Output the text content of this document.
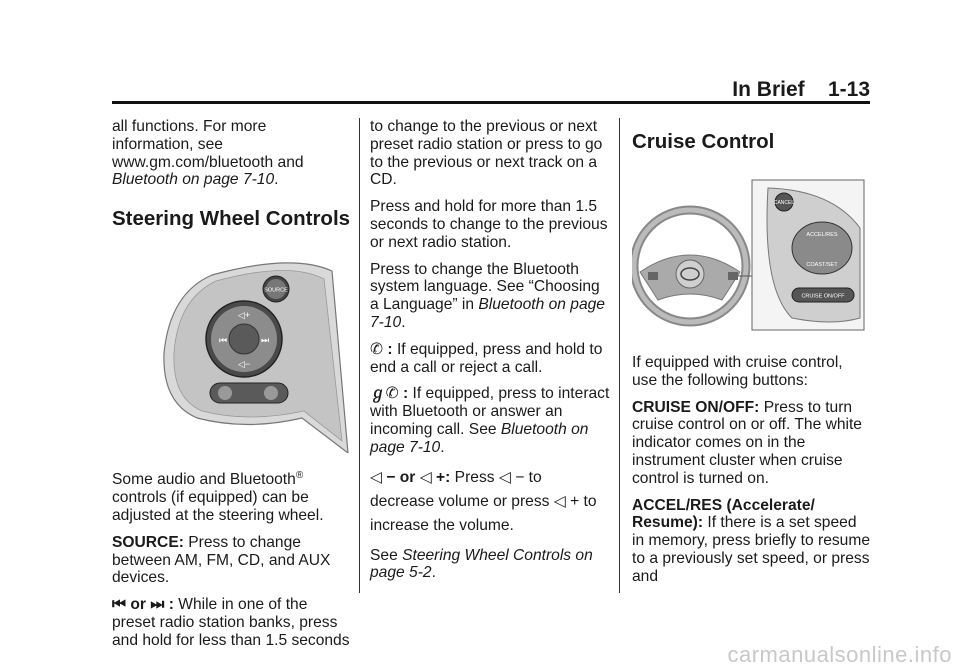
In Brief 1-13

all functions. For more information, see www.gm.com/bluetooth and Bluetooth on page 7-10.

Steering Wheel Controls
SOURCE
◁+
◁−
⏮	⏭

Some audio and Bluetooth® controls (if equipped) can be adjusted at the steering wheel.

SOURCE: Press to change between AM, FM, CD, and AUX devices.

⏮ or ⏭ : While in one of the preset radio station banks, press and hold for less than 1.5 seconds

to change to the previous or next preset radio station or press to go to the previous or next track on a CD.

Press and hold for more than 1.5 seconds to change to the previous or next radio station.

Press to change the Bluetooth system language. See “Choosing a Language” in Bluetooth on page 7-10.

✆ : If equipped, press and hold to end a call or reject a call.

ℊ✆ : If equipped, press to interact with Bluetooth or answer an incoming call. See Bluetooth on page 7-10.

◁ − or ◁ +: Press ◁ − to decrease volume or press ◁ + to increase the volume.

See Steering Wheel Controls on page 5-2.

Cruise Control
CANCEL
ACCEL/RES
COAST/SET
CRUISE ON/OFF

If equipped with cruise control, use the following buttons:

CRUISE ON/OFF: Press to turn cruise control on or off. The white indicator comes on in the instrument cluster when cruise control is turned on.

ACCEL/RES (Accelerate/ Resume): If there is a set speed in memory, press briefly to resume to a previously set speed, or press and

carmanualsonline.info
